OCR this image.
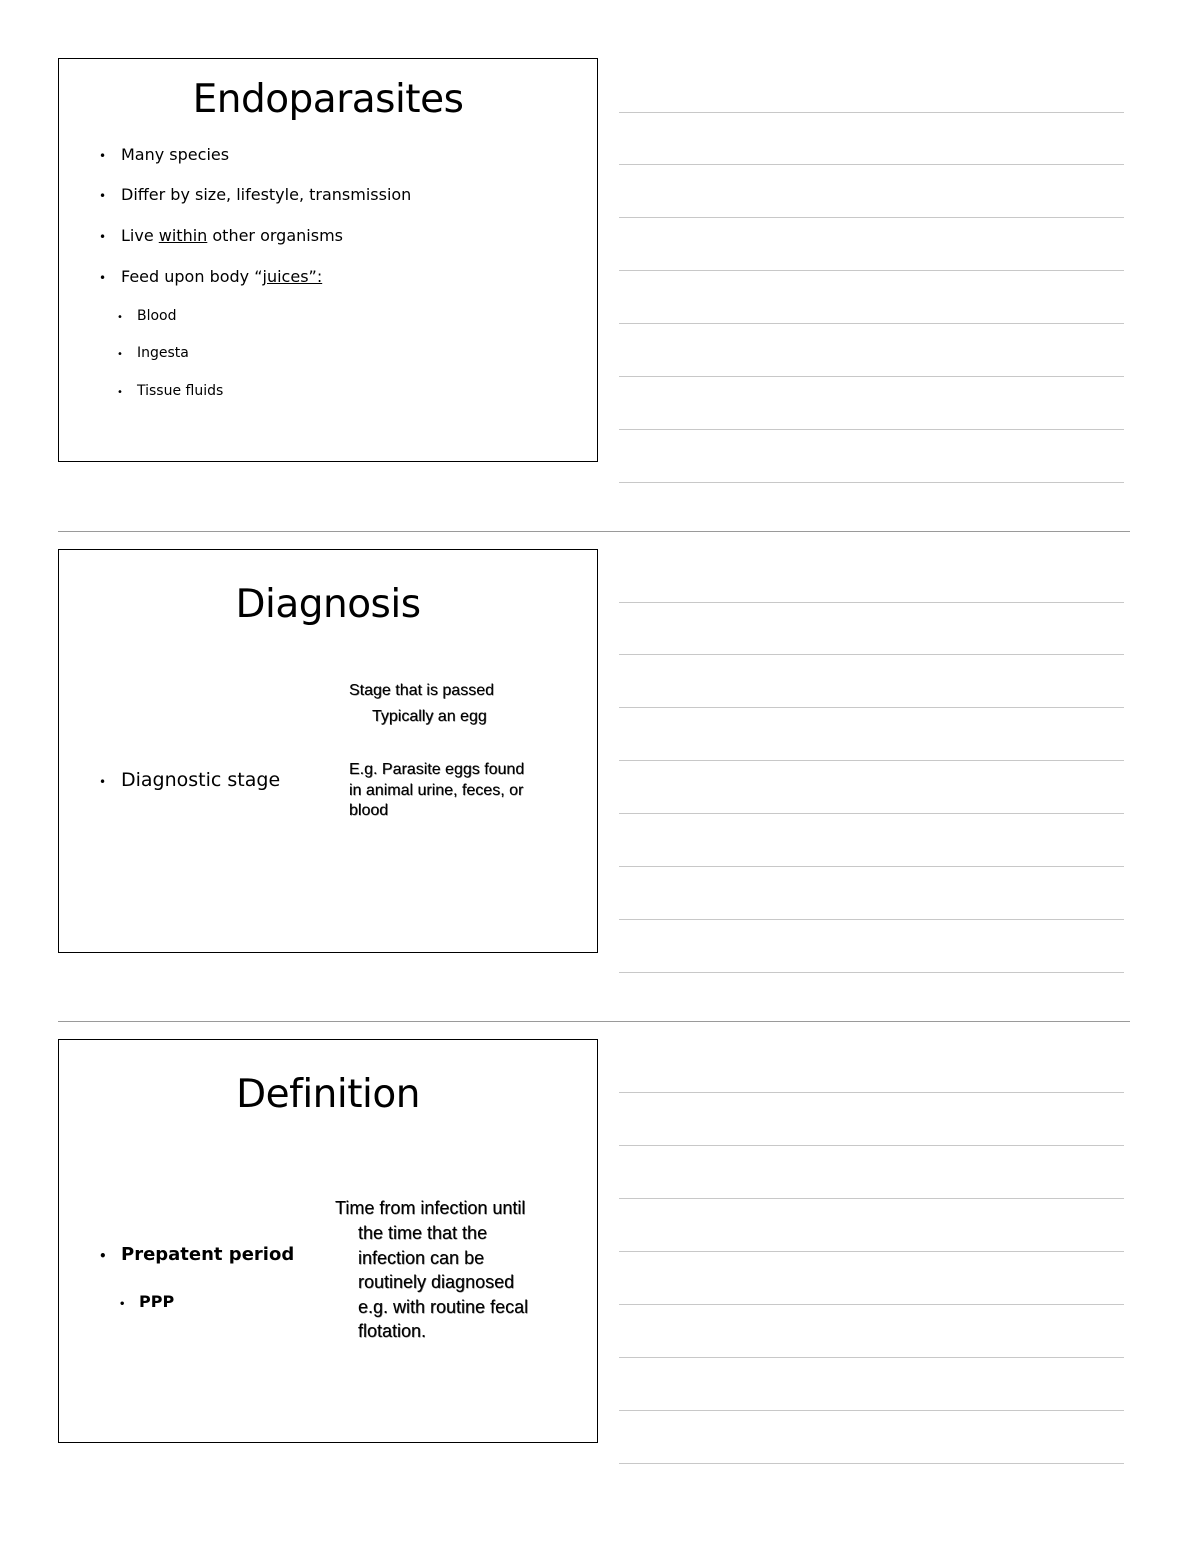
Endoparasites
• Many species
• Differ by size, lifestyle, transmission
• Live within other organisms
• Feed upon body “juices”:
• Blood
• Ingesta
• Tissue fluids
Diagnosis
• Diagnostic stage
Stage that is passed
Typically an egg
E.g. Parasite eggs found
in animal urine, feces, or
blood
Definition
• Prepatent period
• PPP
Time from infection until
the time that the
infection can be
routinely diagnosed
e.g. with routine fecal
flotation.
